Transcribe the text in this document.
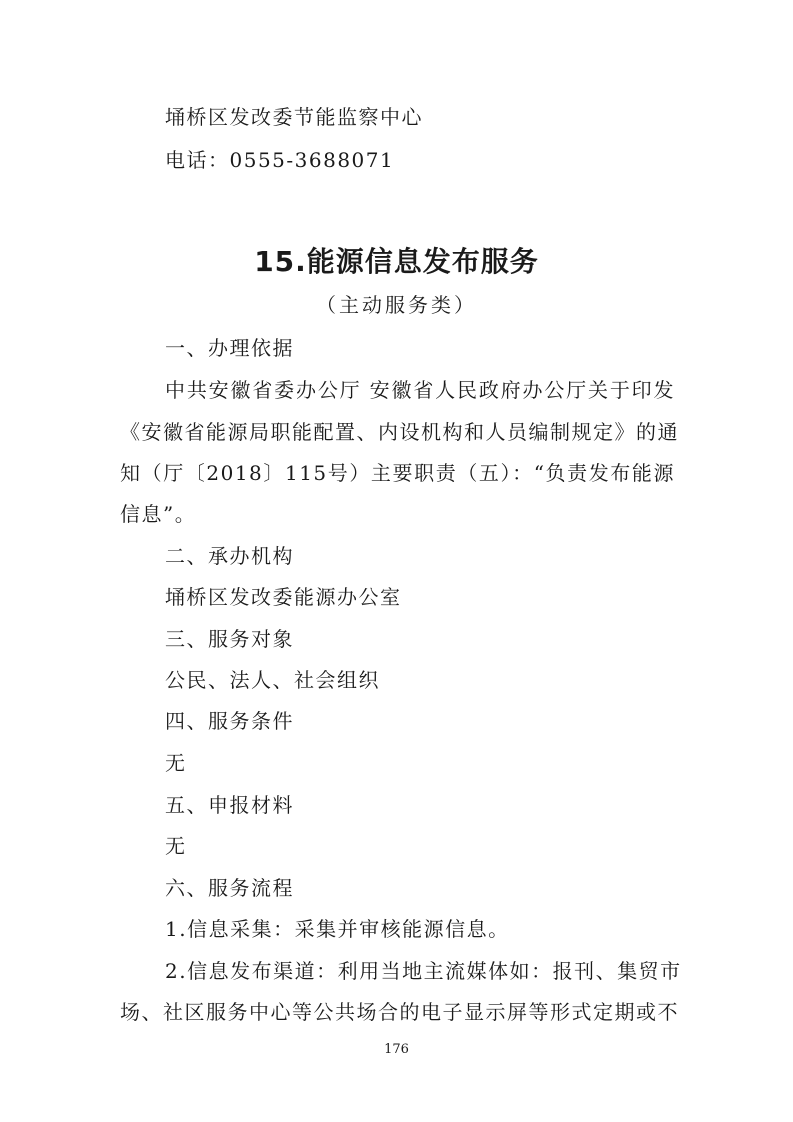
埇桥区发改委节能监察中心
电话：0555-3688071
15.能源信息发布服务
（主动服务类）
一、办理依据
中共安徽省委办公厅 安徽省人民政府办公厅关于印发
《安徽省能源局职能配置、内设机构和人员编制规定》的通
知（厅〔2018〕115号）主要职责（五）：“负责发布能源
信息”。
二、承办机构
埇桥区发改委能源办公室
三、服务对象
公民、法人、社会组织
四、服务条件
无
五、申报材料
无
六、服务流程
1.信息采集：采集并审核能源信息。
2.信息发布渠道：利用当地主流媒体如：报刊、集贸市
场、社区服务中心等公共场合的电子显示屏等形式定期或不
176
